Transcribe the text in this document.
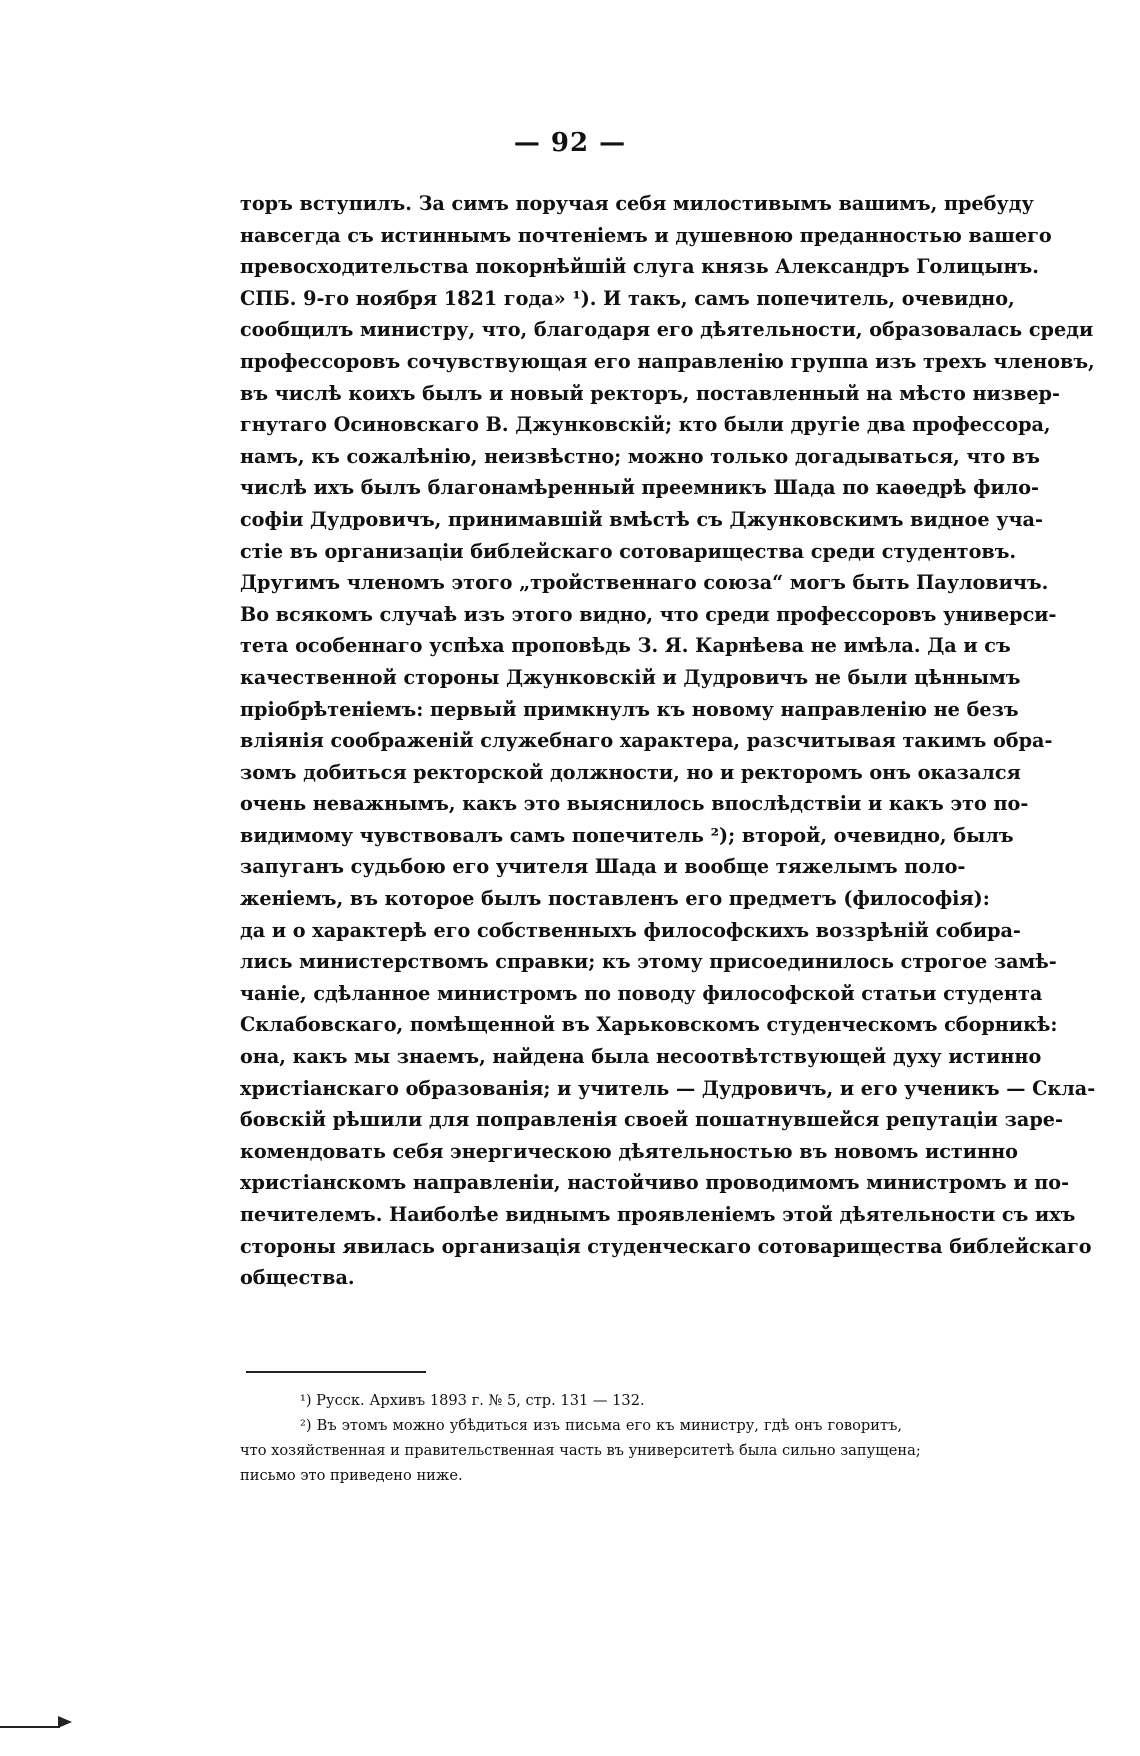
— 92 —
торъ вступилъ. За симъ поручая себя милостивымъ вашимъ, пребуду
навсегда съ истиннымъ почтеніемъ и душевною преданностью вашего
превосходительства покорнѣйшій слуга князь Александръ Голицынъ.
СПБ. 9-го ноября 1821 года» ¹). И такъ, самъ попечитель, очевидно,
сообщилъ министру, что, благодаря его дѣятельности, образовалась среди
профессоровъ сочувствующая его направленію группа изъ трехъ членовъ,
въ числѣ коихъ былъ и новый ректоръ, поставленный на мѣсто низвер-
гнутаго Осиновскаго В. Джунковскій; кто были другіе два профессора,
намъ, къ сожалѣнію, неизвѣстно; можно только догадываться, что въ
числѣ ихъ былъ благонамѣренный преемникъ Шада по каѳедрѣ фило-
софіи Дудровичъ, принимавшій вмѣстѣ съ Джунковскимъ видное уча-
стіе въ организаціи библейскаго сотоварищества среди студентовъ.
Другимъ членомъ этого „тройственнаго союза“ могъ быть Пауловичъ.
Во всякомъ случаѣ изъ этого видно, что среди профессоровъ универси-
тета особеннаго успѣха проповѣдь З. Я. Карнѣева не имѣла. Да и съ
качественной стороны Джунковскій и Дудровичъ не были цѣннымъ
пріобрѣтеніемъ: первый примкнулъ къ новому направленію не безъ
вліянія соображеній служебнаго характера, разсчитывая такимъ обра-
зомъ добиться ректорской должности, но и ректоромъ онъ оказался
очень неважнымъ, какъ это выяснилось впослѣдствіи и какъ это по-
видимому чувствовалъ самъ попечитель ²); второй, очевидно, былъ
запуганъ судьбою его учителя Шада и вообще тяжелымъ поло-
женіемъ, въ которое былъ поставленъ его предметъ (философія):
да и о характерѣ его собственныхъ философскихъ воззрѣній собира-
лись министерствомъ справки; къ этому присоединилось строгое замѣ-
чаніе, сдѣланное министромъ по поводу философской статьи студента
Склабовскаго, помѣщенной въ Харьковскомъ студенческомъ сборникѣ:
она, какъ мы знаемъ, найдена была несоотвѣтствующей духу истинно
христіанскаго образованія; и учитель — Дудровичъ, и его ученикъ — Скла-
бовскій рѣшили для поправленія своей пошатнувшейся репутаціи заре-
комендовать себя энергическою дѣятельностью въ новомъ истинно
христіанскомъ направленіи, настойчиво проводимомъ министромъ и по-
печителемъ. Наиболѣе виднымъ проявленіемъ этой дѣятельности съ ихъ
стороны явилась организація студенческаго сотоварищества библейскаго
общества.
¹) Русск. Архивъ 1893 г. № 5, стр. 131 — 132.
²) Въ этомъ можно убѣдиться изъ письма его къ министру, гдѣ онъ говоритъ,
что хозяйственная и правительственная часть въ университетѣ была сильно запущена;
письмо это приведено ниже.
